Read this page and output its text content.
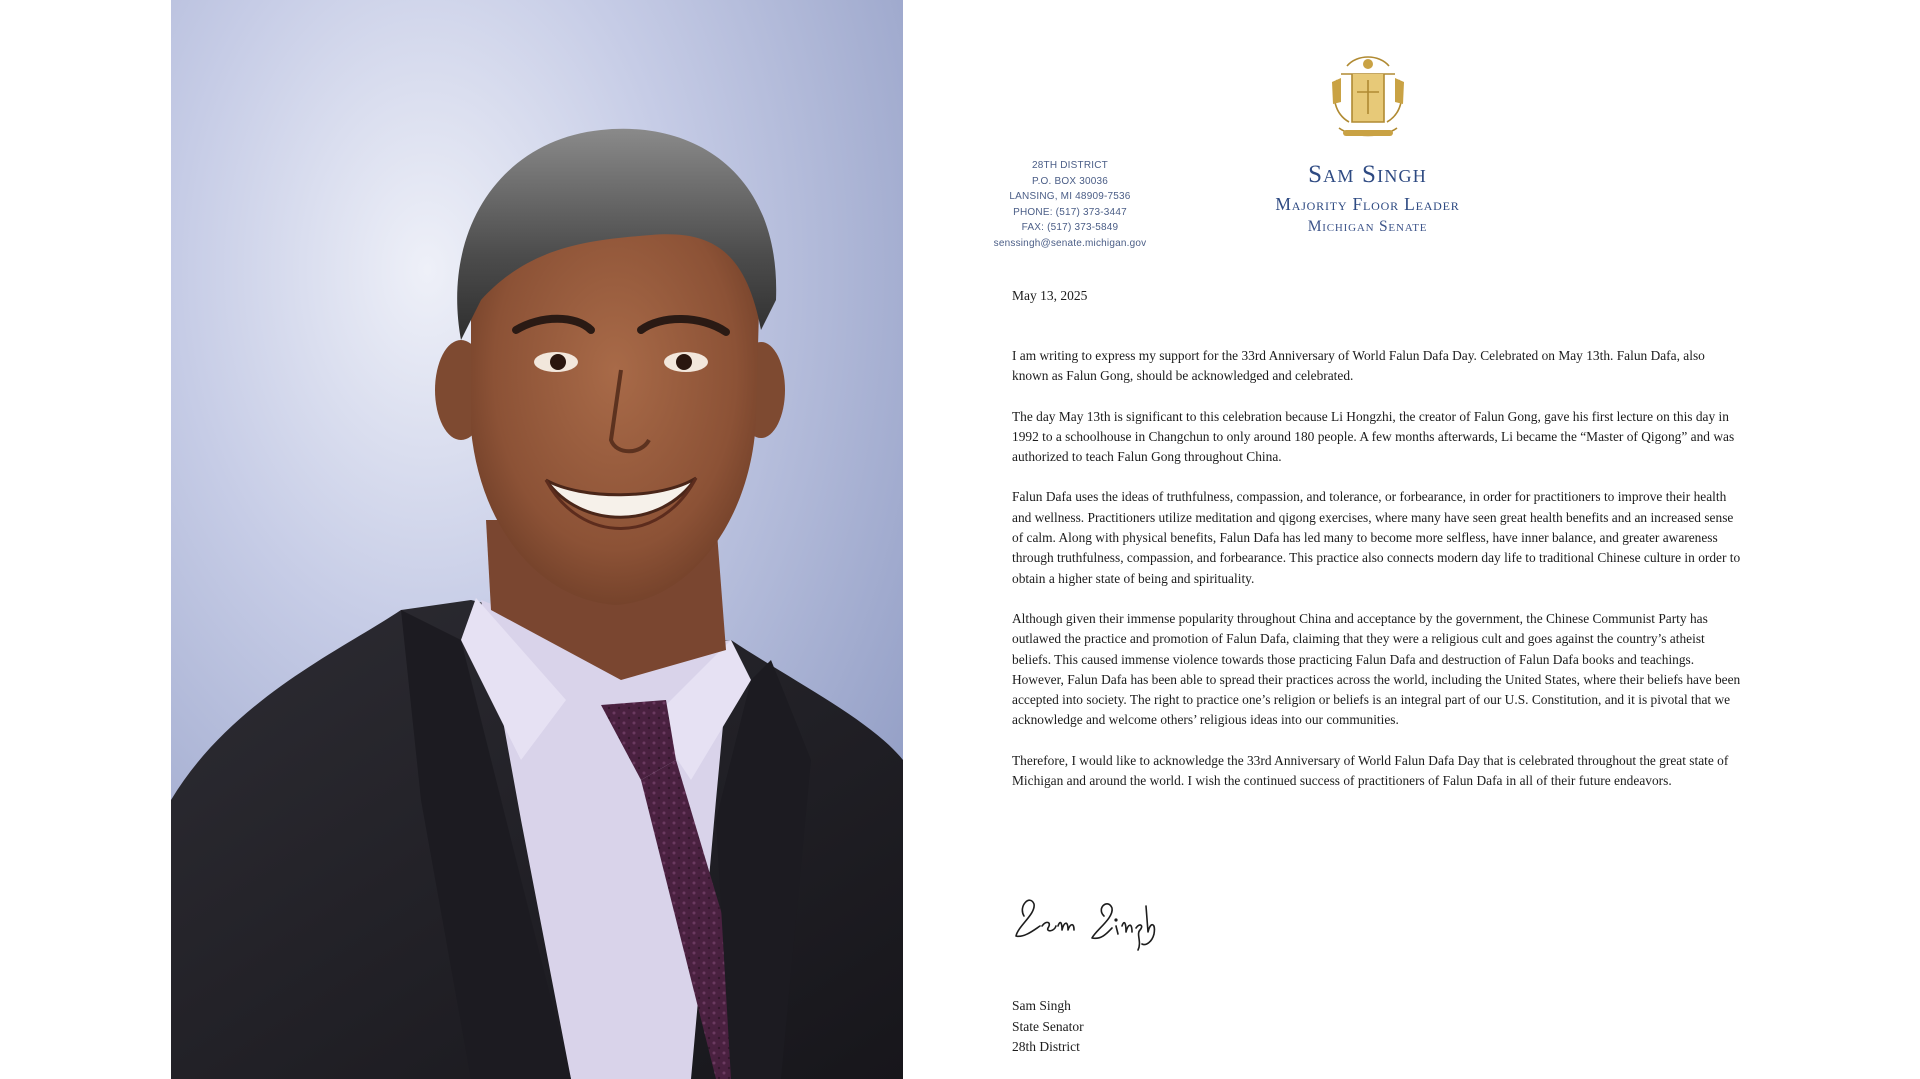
28TH DISTRICT
P.O. BOX 30036
LANSING, MI 48909-7536
PHONE: (517) 373-3447
FAX: (517) 373-5849
senssingh@senate.michigan.gov
Sam Singh
Majority Floor Leader
Michigan Senate
May 13, 2025

I am writing to express my support for the 33rd Anniversary of World Falun Dafa Day. Celebrated on May 13th. Falun Dafa, also known as Falun Gong, should be acknowledged and celebrated.

The day May 13th is significant to this celebration because Li Hongzhi, the creator of Falun Gong, gave his first lecture on this day in 1992 to a schoolhouse in Changchun to only around 180 people. A few months afterwards, Li became the “Master of Qigong” and was authorized to teach Falun Gong throughout China.

Falun Dafa uses the ideas of truthfulness, compassion, and tolerance, or forbearance, in order for practitioners to improve their health and wellness. Practitioners utilize meditation and qigong exercises, where many have seen great health benefits and an increased sense of calm. Along with physical benefits, Falun Dafa has led many to become more selfless, have inner balance, and greater awareness through truthfulness, compassion, and forbearance. This practice also connects modern day life to traditional Chinese culture in order to obtain a higher state of being and spirituality.

Although given their immense popularity throughout China and acceptance by the government, the Chinese Communist Party has outlawed the practice and promotion of Falun Dafa, claiming that they were a religious cult and goes against the country’s atheist beliefs. This caused immense violence towards those practicing Falun Dafa and destruction of Falun Dafa books and teachings. However, Falun Dafa has been able to spread their practices across the world, including the United States, where their beliefs have been accepted into society. The right to practice one’s religion or beliefs is an integral part of our U.S. Constitution, and it is pivotal that we acknowledge and welcome others’ religious ideas into our communities.

Therefore, I would like to acknowledge the 33rd Anniversary of World Falun Dafa Day that is celebrated throughout the great state of Michigan and around the world. I wish the continued success of practitioners of Falun Dafa in all of their future endeavors.

Sam Singh
State Senator
28th District
